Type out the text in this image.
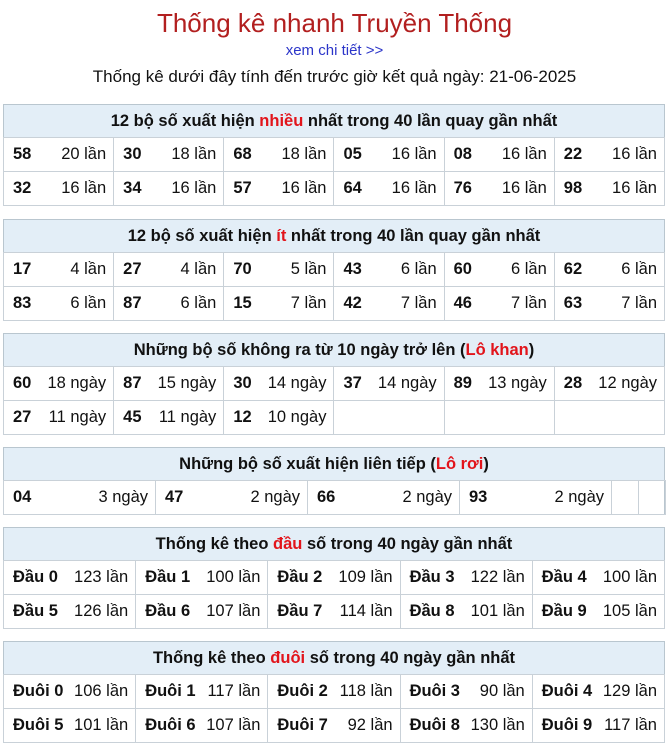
Thống kê nhanh Truyền Thống
xem chi tiết >>
Thống kê dưới đây tính đến trước giờ kết quả ngày: 21-06-2025
12 bộ số xuất hiện nhiều nhất trong 40 lần quay gần nhất
58 20 lần	30 18 lần	68 18 lần	05 16 lần	08 16 lần	22 16 lần

32 16 lần	34 16 lần	57 16 lần	64 16 lần	76 16 lần	98 16 lần
12 bộ số xuất hiện ít nhất trong 40 lần quay gần nhất
17 4 lần	27 4 lần	70 5 lần	43 6 lần	60 6 lần	62 6 lần

83 6 lần	87 6 lần	15 7 lần	42 7 lần	46 7 lần	63 7 lần
Những bộ số không ra từ 10 ngày trở lên (Lô khan)
60 18 ngày	87 15 ngày	30 14 ngày	37 14 ngày	89 13 ngày	28 12 ngày

27 11 ngày	45 11 ngày	12 10 ngày			

Những bộ số xuất hiện liên tiếp (Lô rơi)
04	3 ngày	47	2 ngày	66	2 ngày	93	2 ngày

Thống kê theo đầu số trong 40 ngày gần nhất
Đầu 0 123 lần	Đầu 1 100 lần	Đầu 2 109 lần	Đầu 3 122 lần	Đầu 4 100 lần

Đầu 5 126 lần	Đầu 6 107 lần	Đầu 7 114 lần	Đầu 8 101 lần	Đầu 9 105 lần
Thống kê theo đuôi số trong 40 ngày gần nhất
Đuôi 0 106 lần	Đuôi 1 117 lần	Đuôi 2 118 lần	Đuôi 3 90 lần	Đuôi 4 129 lần

Đuôi 5 101 lần	Đuôi 6 107 lần	Đuôi 7 92 lần	Đuôi 8 130 lần	Đuôi 9 117 lần
